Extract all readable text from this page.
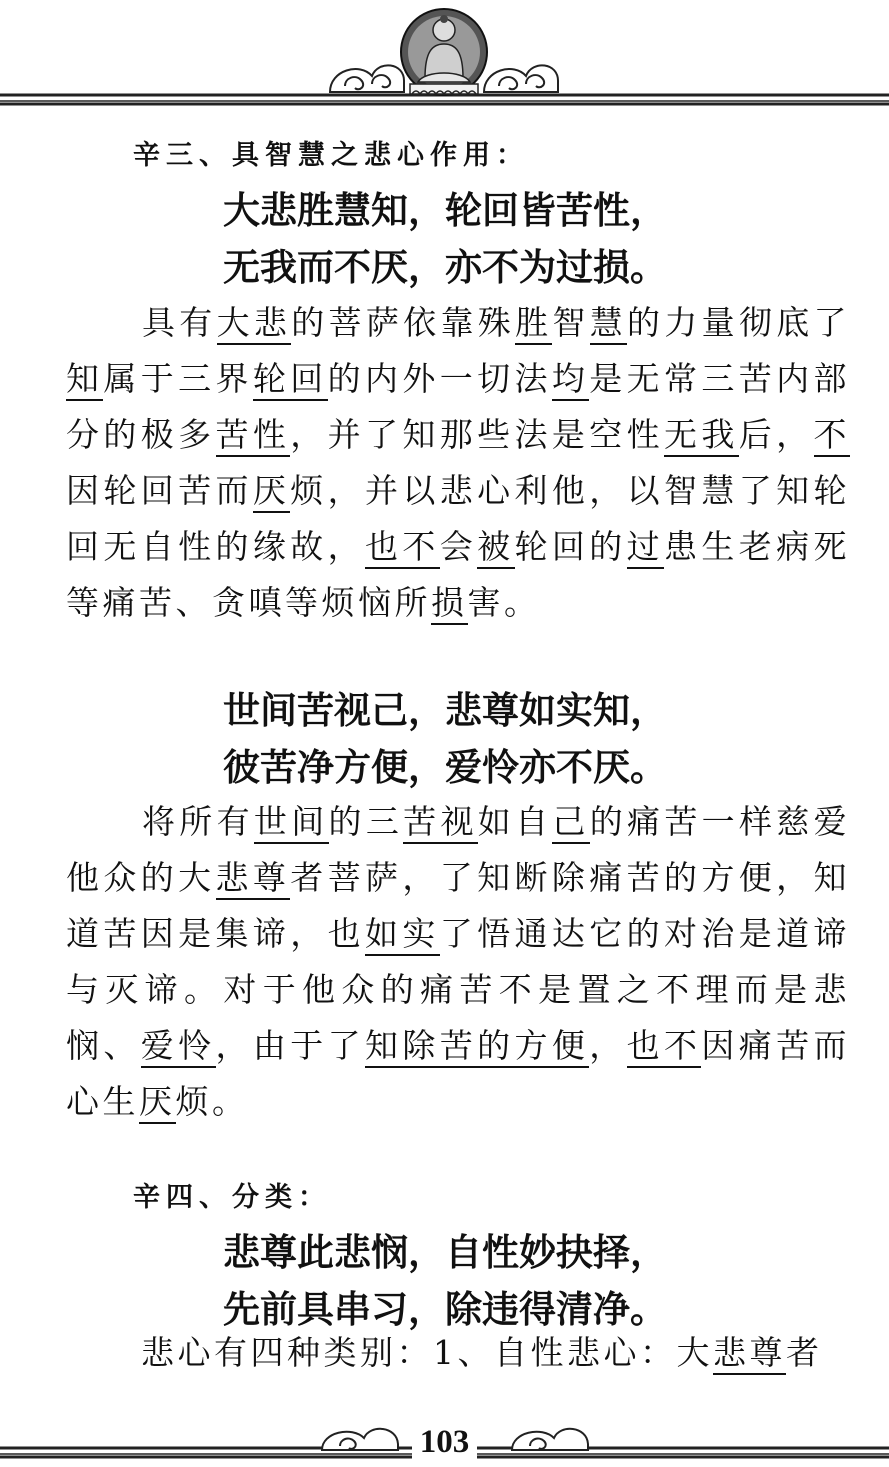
辛三、具智慧之悲心作用：
大悲胜慧知，轮回皆苦性，
无我而不厌，亦不为过损。
具有大悲的菩萨依靠殊胜智慧的力量彻底了知属于三界轮回的内外一切法均是无常三苦内部分的极多苦性，并了知那些法是空性无我后，不因轮回苦而厌烦，并以悲心利他，以智慧了知轮回无自性的缘故，也不会被轮回的过患生老病死等痛苦、贪嗔等烦恼所损害。
世间苦视己，悲尊如实知，
彼苦净方便，爱怜亦不厌。
将所有世间的三苦视如自己的痛苦一样慈爱他众的大悲尊者菩萨，了知断除痛苦的方便，知道苦因是集谛，也如实了悟通达它的对治是道谛与灭谛。对于他众的痛苦不是置之不理而是悲悯、爱怜，由于了知除苦的方便，也不因痛苦而心生厌烦。
辛四、分类：
悲尊此悲悯，自性妙抉择，
先前具串习，除违得清净。
悲心有四种类别：1、自性悲心：大悲尊者
103
